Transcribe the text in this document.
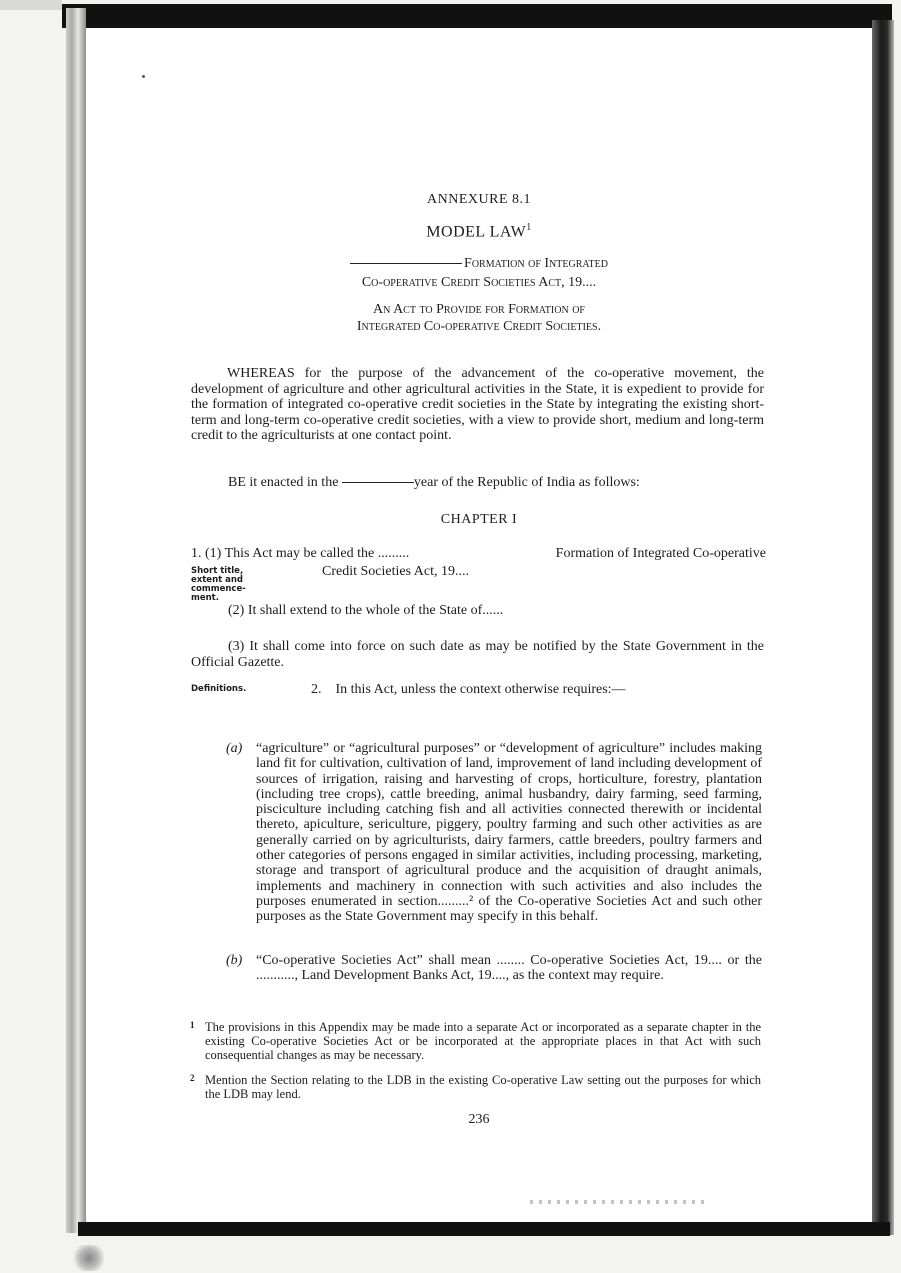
ANNEXURE 8.1
MODEL LAW$^1$
Formation of Integrated
Co-operative Credit Societies Act, 19....
An Act to Provide for Formation of
Integrated Co-operative Credit Societies.
WHEREAS for the purpose of the advancement of the co-operative movement, the development of agriculture and other agricultural activities in the State, it is expedient to provide for the formation of integrated co-operative credit societies in the State by integrating the existing short-term and long-term co-operative credit societies, with a view to provide short, medium and long-term credit to the agriculturists at one contact point.
BE it enacted in the	year of the Republic of India as follows:
CHAPTER I
1. (1) This Act may be called the .........	Formation of Integrated Co-operative
Credit Societies Act, 19....
Short title, extent and commence-ment.
(2) It shall extend to the whole of the State of......
(3) It shall come into force on such date as may be notified by the State Government in the Official Gazette.
Definitions.	2.    In this Act, unless the context otherwise requires:—
(a) “agriculture” or “agricultural purposes” or “development of agriculture” includes making land fit for cultivation, cultivation of land, improvement of land including development of sources of irrigation, raising and harvesting of crops, horticulture, forestry, plantation (including tree crops), cattle breeding, animal husbandry, dairy farming, seed farming, pisciculture including catching fish and all activities connected therewith or incidental thereto, apiculture, sericulture, piggery, poultry farming and such other activities as are generally carried on by agriculturists, dairy farmers, cattle breeders, poultry farmers and other categories of persons engaged in similar activities, including processing, marketing, storage and transport of agricultural produce and the acquisition of draught animals, implements and machinery in connection with such activities and also includes the purposes enumerated in section.........² of the Co-operative Societies Act and such other purposes as the State Government may specify in this behalf.
(b) “Co-operative Societies Act” shall mean ........ Co-operative Societies Act, 19.... or the ..........., Land Development Banks Act, 19...., as the context may require.
1 The provisions in this Appendix may be made into a separate Act or incorporated as a separate chapter in the existing Co-operative Societies Act or be incorporated at the appropriate places in that Act with such consequential changes as may be necessary.
2 Mention the Section relating to the LDB in the existing Co-operative Law setting out the purposes for which the LDB may lend.
236
